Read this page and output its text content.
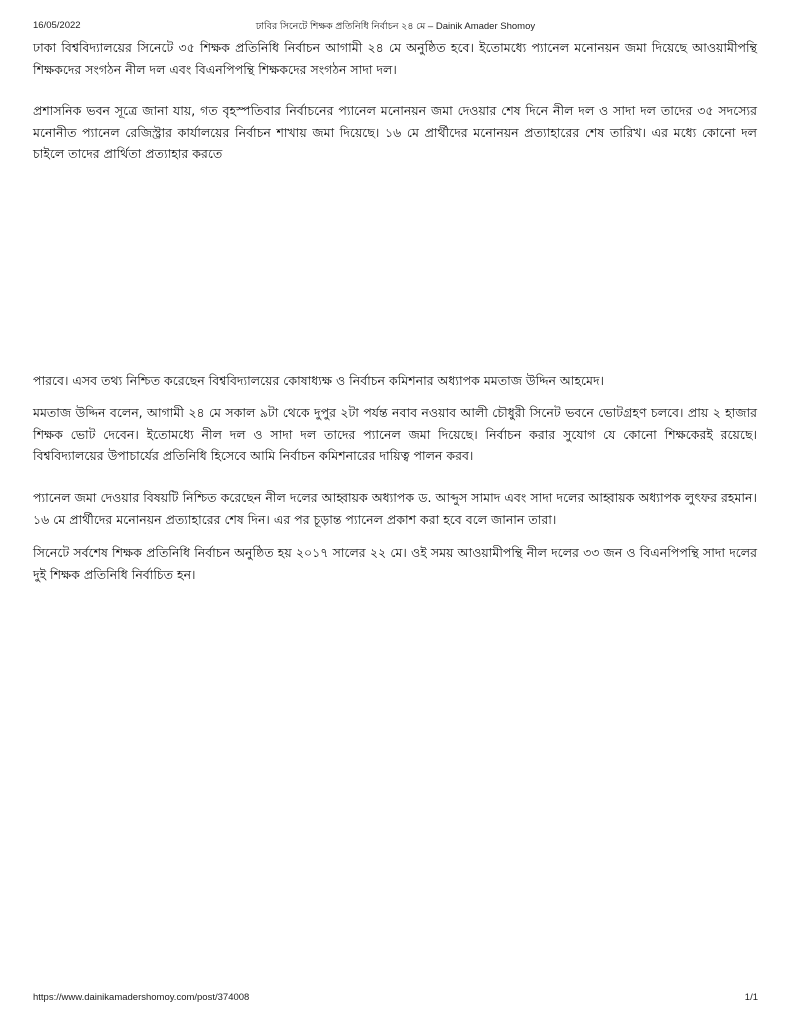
16/05/2022	ঢাবির সিনেটে শিক্ষক প্রতিনিধি নির্বাচন ২৪ মে – Dainik Amader Shomoy

ঢাকা বিশ্ববিদ্যালয়ের সিনেটে ৩৫ শিক্ষক প্রতিনিধি নির্বাচন আগামী ২৪ মে অনুষ্ঠিত হবে। ইতোমধ্যে প্যানেল মনোনয়ন জমা দিয়েছে আওয়ামীপন্থি শিক্ষকদের সংগঠন নীল দল এবং বিএনপিপন্থি শিক্ষকদের সংগঠন সাদা দল।

প্রশাসনিক ভবন সূত্রে জানা যায়, গত বৃহস্পতিবার নির্বাচনের প্যানেল মনোনয়ন জমা দেওয়ার শেষ দিনে নীল দল ও সাদা দল তাদের ৩৫ সদস্যের মনোনীত প্যানেল রেজিস্ট্রার কার্যালয়ের নির্বাচন শাখায় জমা দিয়েছে। ১৬ মে প্রার্থীদের মনোনয়ন প্রত্যাহারের শেষ তারিখ। এর মধ্যে কোনো দল চাইলে তাদের প্রার্থিতা প্রত্যাহার করতে

পারবে। এসব তথ্য নিশ্চিত করেছেন বিশ্ববিদ্যালয়ের কোষাধ্যক্ষ ও নির্বাচন কমিশনার অধ্যাপক মমতাজ উদ্দিন আহমেদ।

মমতাজ উদ্দিন বলেন, আগামী ২৪ মে সকাল ৯টা থেকে দুপুর ২টা পর্যন্ত নবাব নওয়াব আলী চৌধুরী সিনেট ভবনে ভোটগ্রহণ চলবে। প্রায় ২ হাজার শিক্ষক ভোট দেবেন। ইতোমধ্যে নীল দল ও সাদা দল তাদের প্যানেল জমা দিয়েছে। নির্বাচন করার সুযোগ যে কোনো শিক্ষকেরই রয়েছে। বিশ্ববিদ্যালয়ের উপাচার্যের প্রতিনিধি হিসেবে আমি নির্বাচন কমিশনারের দায়িত্ব পালন করব।

প্যানেল জমা দেওয়ার বিষয়টি নিশ্চিত করেছেন নীল দলের আহ্বায়ক অধ্যাপক ড. আব্দুস সামাদ এবং সাদা দলের আহ্বায়ক অধ্যাপক লুৎফর রহমান। ১৬ মে প্রার্থীদের মনোনয়ন প্রত্যাহারের শেষ দিন। এর পর চূড়ান্ত প্যানেল প্রকাশ করা হবে বলে জানান তারা।

সিনেটে সর্বশেষ শিক্ষক প্রতিনিধি নির্বাচন অনুষ্ঠিত হয় ২০১৭ সালের ২২ মে। ওই সময় আওয়ামীপন্থি নীল দলের ৩৩ জন ও বিএনপিপন্থি সাদা দলের দুই শিক্ষক প্রতিনিধি নির্বাচিত হন।

https://www.dainikamadershomoy.com/post/374008	1/1
